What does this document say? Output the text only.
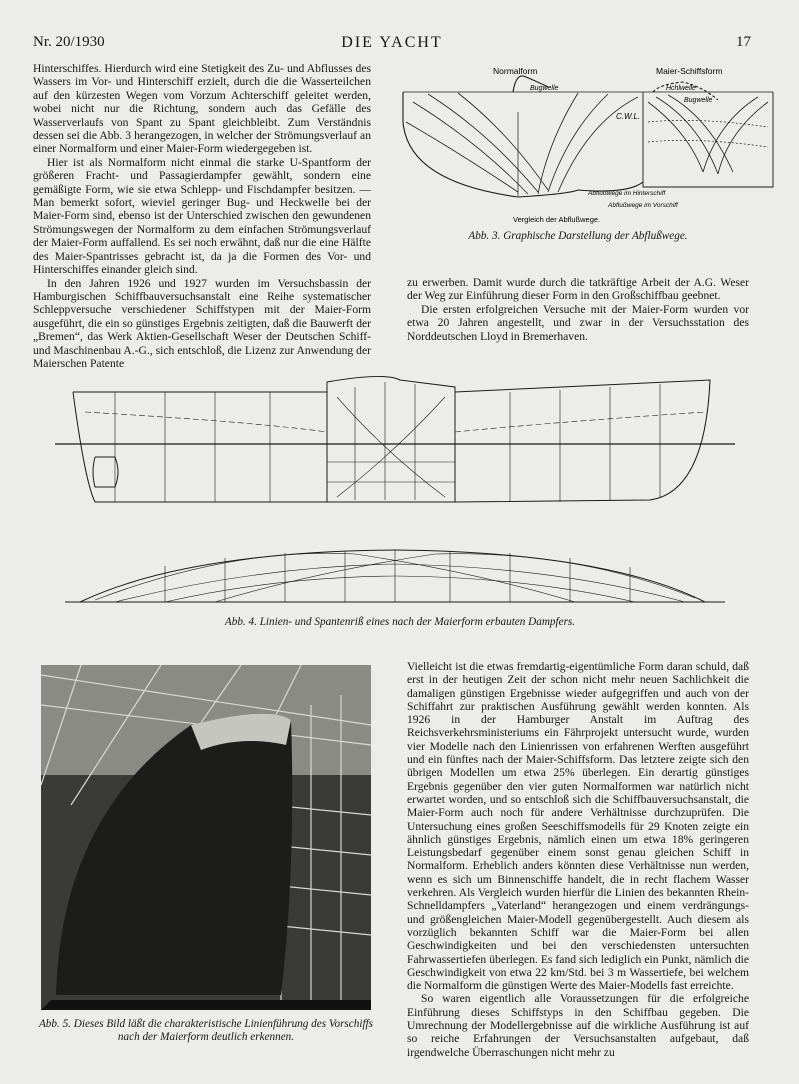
Nr. 20/1930	DIE YACHT	17

Hinterschiffes. Hierdurch wird eine Stetigkeit des Zu- und Abflusses des Wassers im Vor- und Hinterschiff erzielt, durch die die Wasserteilchen auf den kürzesten Wegen vom Vorzum Achterschiff geleitet werden, wobei nicht nur die Richtung, sondern auch das Gefälle des Wasserverlaufs von Spant zu Spant gleichbleibt. Zum Verständnis dessen sei die Abb. 3 herangezogen, in welcher der Strömungsverlauf an einer Normalform und einer Maier-Form wiedergegeben ist.

Hier ist als Normalform nicht einmal die starke U-Spantform der größeren Fracht- und Passagierdampfer gewählt, sondern eine gemäßigte Form, wie sie etwa Schlepp- und Fischdampfer besitzen. — Man bemerkt sofort, wieviel geringer Bug- und Heckwelle bei der Maier-Form sind, ebenso ist der Unterschied zwischen den gewundenen Strömungswegen der Normalform zu dem einfachen Strömungsverlauf der Maier-Form auffallend. Es sei noch erwähnt, daß nur die eine Hälfte des Maier-Spantrisses gebracht ist, da ja die Formen des Vor- und Hinterschiffes einander gleich sind.

In den Jahren 1926 und 1927 wurden im Versuchsbassin der Hamburgischen Schiffbauversuchsanstalt eine Reihe systematischer Schleppversuche verschiedener Schiffstypen mit der Maier-Form ausgeführt, die ein so günstiges Ergebnis zeitigten, daß die Bauwerft der „Bremen“, das Werk Aktien-Gesellschaft Weser der Deutschen Schiff- und Maschinenbau A.-G., sich entschloß, die Lizenz zur Anwendung der Maierschen Patente

Normalform	Maier-Schiffsform
Bugwelle	Hchlwelle
Bugwelle
C.W.L.
Abflußwege im Hinterschiff
Abflußwege im Vorschiff
Vergleich der Abflußwege.
Abb. 3. Graphische Darstellung der Abflußwege.

zu erwerben. Damit wurde durch die tatkräftige Arbeit der A.G. Weser der Weg zur Einführung dieser Form in den Großschiffbau geebnet.

Die ersten erfolgreichen Versuche mit der Maier-Form wurden vor etwa 20 Jahren angestellt, und zwar in der Versuchsstation des Norddeutschen Lloyd in Bremerhaven.

Abb. 4. Linien- und Spantenriß eines nach der Maierform erbauten Dampfers.
Abb. 5. Dieses Bild läßt die charakteristische Linienführung des Vorschiffs nach der Maierform deutlich erkennen.

Vielleicht ist die etwas fremdartig-eigentümliche Form daran schuld, daß erst in der heutigen Zeit der schon nicht mehr neuen Sachlichkeit die damaligen günstigen Ergebnisse wieder aufgegriffen und auch von der Schiffahrt zur praktischen Ausführung gewählt werden konnten. Als 1926 in der Hamburger Anstalt im Auftrag des Reichsverkehrsministeriums ein Fährprojekt untersucht wurde, wurden vier Modelle nach den Linienrissen von erfahrenen Werften ausgeführt und ein fünftes nach der Maier-Schiffsform. Das letztere zeigte sich den übrigen Modellen um etwa 25% überlegen. Ein derartig günstiges Ergebnis gegenüber den vier guten Normalformen war natürlich nicht erwartet worden, und so entschloß sich die Schiffbauversuchsanstalt, die Maier-Form auch noch für andere Verhältnisse durchzuprüfen. Die Untersuchung eines großen Seeschiffsmodells für 29 Knoten zeigte ein ähnlich günstiges Ergebnis, nämlich einen um etwa 18% geringeren Leistungsbedarf gegenüber einem sonst genau gleichen Schiff in Normalform. Erheblich anders könnten diese Verhältnisse nun werden, wenn es sich um Binnenschiffe handelt, die in recht flachem Wasser verkehren. Als Vergleich wurden hierfür die Linien des bekannten Rhein-Schnelldampfers „Vaterland“ herangezogen und einem verdrängungs- und größengleichen Maier-Modell gegenübergestellt. Auch diesem als vorzüglich bekannten Schiff war die Maier-Form bei allen Geschwindigkeiten und bei den verschiedensten untersuchten Fahrwassertiefen überlegen. Es fand sich lediglich ein Punkt, nämlich die Geschwindigkeit von etwa 22 km/Std. bei 3 m Wassertiefe, bei welchem die Normalform die günstigen Werte des Maier-Modells fast erreichte.

So waren eigentlich alle Voraussetzungen für die erfolgreiche Einführung dieses Schiffstyps in den Schiffbau gegeben. Die Umrechnung der Modellergebnisse auf die wirkliche Ausführung ist auf so reiche Erfahrungen der Versuchsanstalten aufgebaut, daß irgendwelche Überraschungen nicht mehr zu
